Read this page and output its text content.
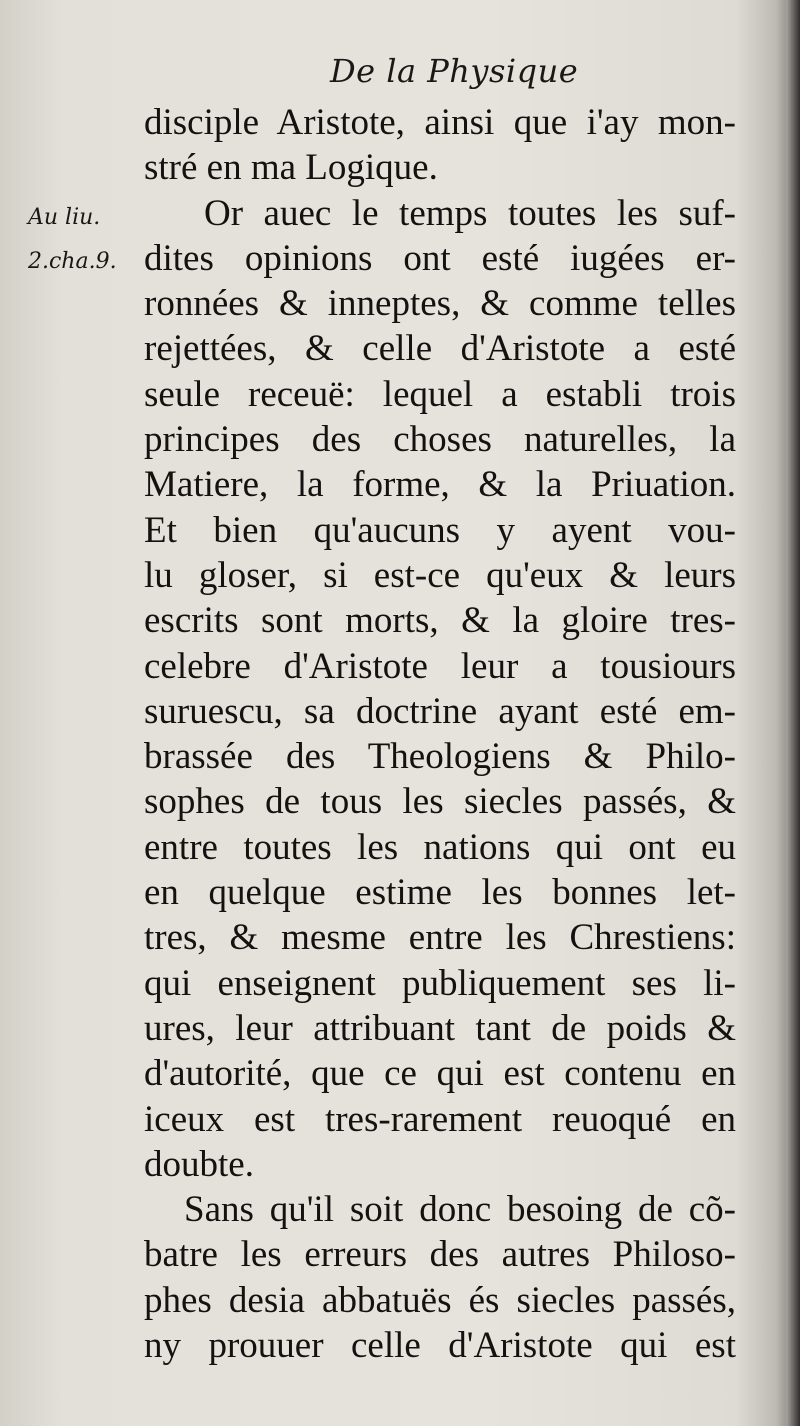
De la Physique
Au liu.
2.cha.9.
disciple Aristote, ainsi que i'ay mon-
stré en ma Logique.
Or auec le temps toutes les suf-
dites opinions ont esté iugées er-
ronnées & inneptes, & comme telles
rejettées, & celle d'Aristote a esté
seule receuë: lequel a establi trois
principes des choses naturelles, la
Matiere, la forme, & la Priuation.
Et bien qu'aucuns y ayent vou-
lu gloser, si est-ce qu'eux & leurs
escrits sont morts, & la gloire tres-
celebre d'Aristote leur a tousiours
suruescu, sa doctrine ayant esté em-
brassée des Theologiens & Philo-
sophes de tous les siecles passés, &
entre toutes les nations qui ont eu
en quelque estime les bonnes let-
tres, & mesme entre les Chrestiens:
qui enseignent publiquement ses li-
ures, leur attribuant tant de poids &
d'autorité, que ce qui est contenu en
iceux est tres-rarement reuoqué en
doubte.
Sans qu'il soit donc besoing de cõ-
batre les erreurs des autres Philoso-
phes desia abbatuës és siecles passés,
ny prouuer celle d'Aristote qui est
